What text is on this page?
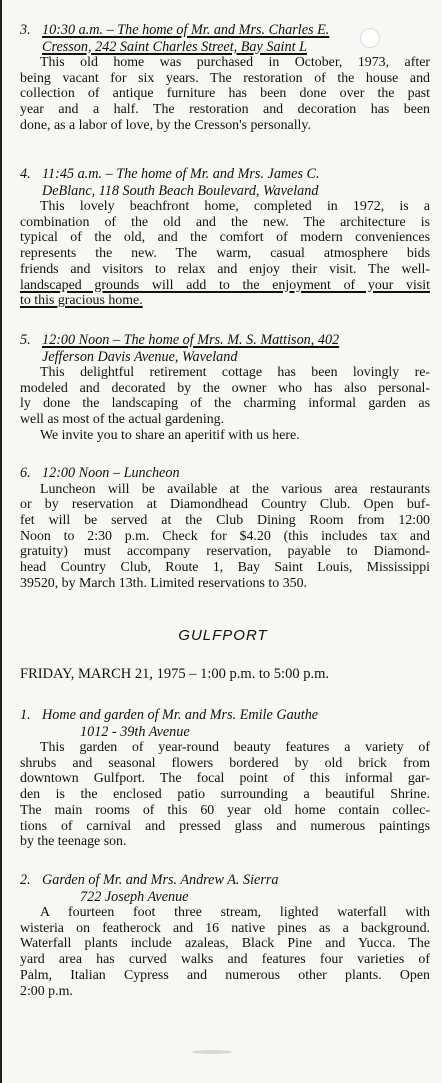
3. 10:30 a.m. – The home of Mr. and Mrs. Charles E.
Cresson, 242 Saint Charles Street, Bay Saint L
This old home was purchased in October, 1973, after
being vacant for six years. The restoration of the house and
collection of antique furniture has been done over the past
year and a half. The restoration and decoration has been
done, as a labor of love, by the Cresson's personally.
4. 11:45 a.m. – The home of Mr. and Mrs. James C.
DeBlanc, 118 South Beach Boulevard, Waveland
This lovely beachfront home, completed in 1972, is a
combination of the old and the new. The architecture is
typical of the old, and the comfort of modern conveniences
represents the new. The warm, casual atmosphere bids
friends and visitors to relax and enjoy their visit. The well-
landscaped grounds will add to the enjoyment of your visit
to this gracious home.
5. 12:00 Noon – The home of Mrs. M. S. Mattison, 402
Jefferson Davis Avenue, Waveland
This delightful retirement cottage has been lovingly re-
modeled and decorated by the owner who has also personal-
ly done the landscaping of the charming informal garden as
well as most of the actual gardening.
We invite you to share an aperitif with us here.
6. 12:00 Noon – Luncheon
Luncheon will be available at the various area restaurants
or by reservation at Diamondhead Country Club. Open buf-
fet will be served at the Club Dining Room from 12:00
Noon to 2:30 p.m. Check for $4.20 (this includes tax and
gratuity) must accompany reservation, payable to Diamond-
head Country Club, Route 1, Bay Saint Louis, Mississippi
39520, by March 13th. Limited reservations to 350.
GULFPORT
FRIDAY, MARCH 21, 1975 – 1:00 p.m. to 5:00 p.m.
1. Home and garden of Mr. and Mrs. Emile Gauthe
1012 - 39th Avenue
This garden of year-round beauty features a variety of
shrubs and seasonal flowers bordered by old brick from
downtown Gulfport. The focal point of this informal gar-
den is the enclosed patio surrounding a beautiful Shrine.
The main rooms of this 60 year old home contain collec-
tions of carnival and pressed glass and numerous paintings
by the teenage son.
2. Garden of Mr. and Mrs. Andrew A. Sierra
722 Joseph Avenue
A fourteen foot three stream, lighted waterfall with
wisteria on featherock and 16 native pines as a background.
Waterfall plants include azaleas, Black Pine and Yucca. The
yard area has curved walks and features four varieties of
Palm, Italian Cypress and numerous other plants. Open
2:00 p.m.
